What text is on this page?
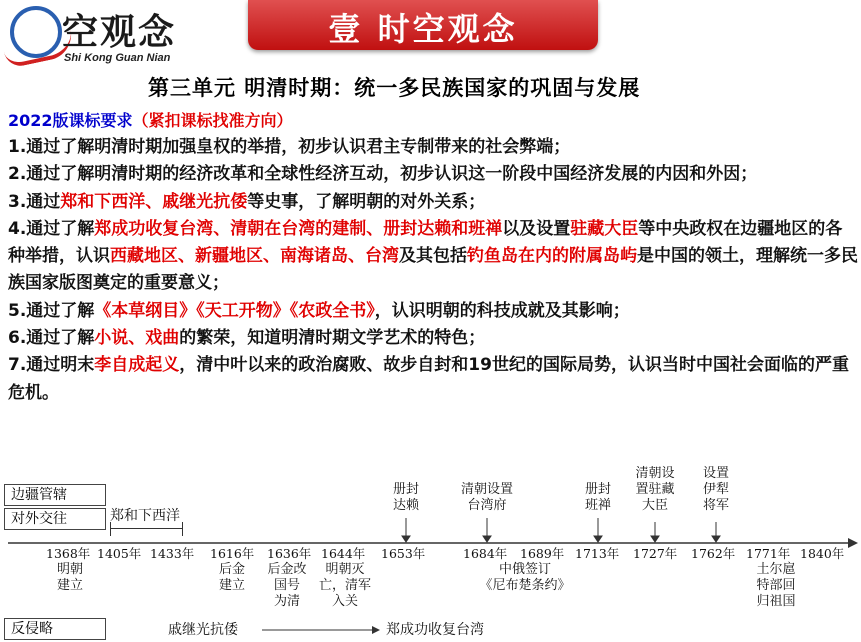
空观念
Shi Kong Guan Nian
壹 时空观念
第三单元 明清时期：统一多民族国家的巩固与发展
2022版课标要求（紧扣课标找准方向）

1.通过了解明清时期加强皇权的举措，初步认识君主专制带来的社会弊端；

2.通过了解明清时期的经济改革和全球性经济互动，初步认识这一阶段中国经济发展的内因和外因；

3.通过郑和下西洋、戚继光抗倭等史事，了解明朝的对外关系；

4.通过了解郑成功收复台湾、清朝在台湾的建制、册封达赖和班禅以及设置驻藏大臣等中央政权在边疆地区的各种举措，认识西藏地区、新疆地区、南海诸岛、台湾及其包括钓鱼岛在内的附属岛屿是中国的领土，理解统一多民族国家版图奠定的重要意义；

5.通过了解《本草纲目》《天工开物》《农政全书》，认识明朝的科技成就及其影响；

6.通过了解小说、戏曲的繁荣，知道明清时期文学艺术的特色；

7.通过明末李自成起义，清中叶以来的政治腐败、故步自封和19世纪的国际局势，认识当时中国社会面临的严重危机。

边疆管辖
对外交往
反侵略
郑和下西洋
1368年 1405年 1433年 1616年 1636年 1644年 1653年	1684年 1689年 1713年 1727年 1762年 1771年 1840年
册封
达赖
清朝设置
台湾府
册封
班禅
清朝设
置驻藏
大臣
设置
伊犁
将军
明朝
建立
后金
建立
后金改
国号
为清
明朝灭
亡，清军
入关
中俄签订
《尼布楚条约》
土尔扈
特部回
归祖国
戚继光抗倭	郑成功收复台湾
